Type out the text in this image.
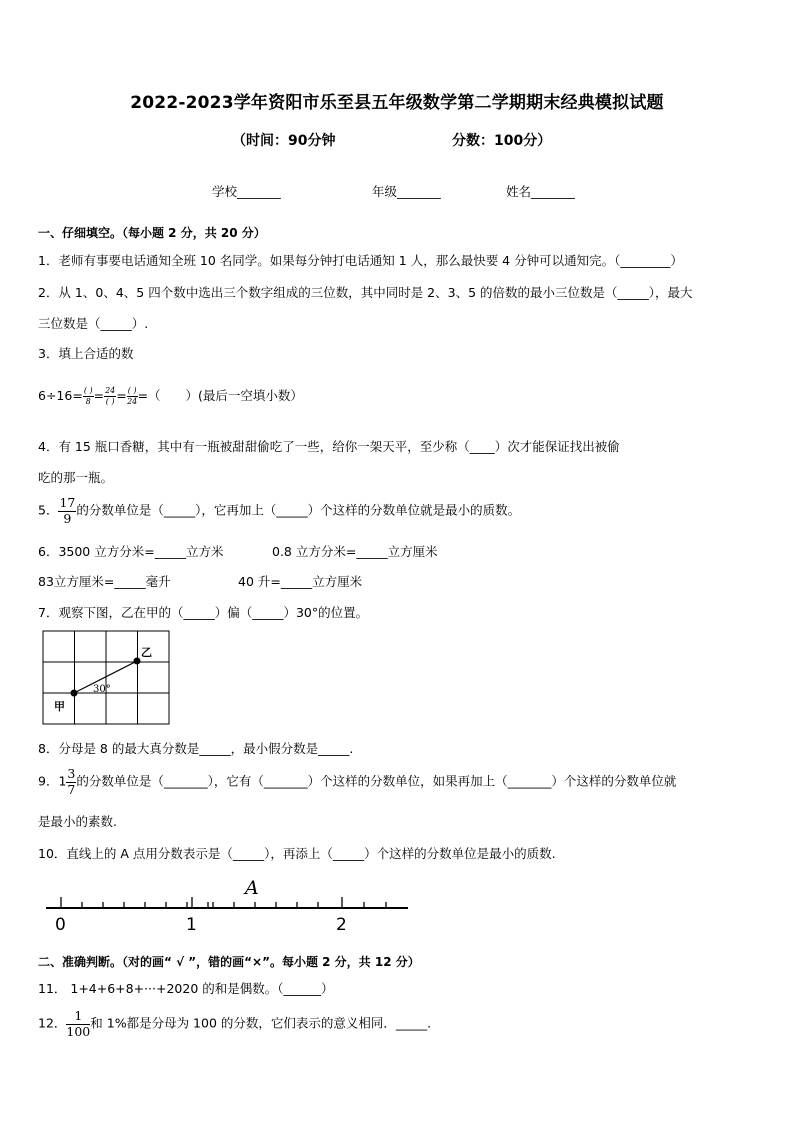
2022-2023学年资阳市乐至县五年级数学第二学期期末经典模拟试题
（时间：90分钟	分数：100分）
学校_______	年级_______	姓名_______
一、仔细填空。（每小题 2 分，共 20 分）
1．老师有事要电话通知全班 10 名同学。如果每分钟打电话通知 1 人，那么最快要 4 分钟可以通知完。（________）
2．从 1、0、4、5 四个数中选出三个数字组成的三位数，其中同时是 2、3、5 的倍数的最小三位数是（_____），最大
三位数是（_____）.
3．填上合适的数
$6\div 16= \frac{( )}{8} = \frac{24}{( )} = \frac{( )}{24}$ =（　　）(最后一空填小数）
4．有 15 瓶口香糖，其中有一瓶被甜甜偷吃了一些，给你一架天平，至少称（____）次才能保证找出被偷
吃的那一瓶。
5． $\frac{17}{9}$ 的分数单位是（_____），它再加上（_____）个这样的分数单位就是最小的质数。
6．3500 立方分米=_____立方米	0.8 立方分米=_____立方厘米
83立方厘米=_____毫升	40 升=_____立方厘米
7．观察下图，乙在甲的（_____）偏（_____）30°的位置。
甲
乙
30°
8．分母是 8 的最大真分数是_____，最小假分数是_____.
9．$1 \frac{3}{7}$ 的分数单位是（_______），它有（_______）个这样的分数单位，如果再加上（_______）个这样的分数单位就
是最小的素数.
10．直线上的 A 点用分数表示是（_____），再添上（_____）个这样的分数单位是最小的质数.
0	1	2
A
二、准确判断。（对的画“ √ ”，错的画“×”。每小题 2 分，共 12 分）
11． 1+4+6+8+···+2020 的和是偶数。（______）
12． $\frac{1}{100}$ 和 1%都是分母为 100 的分数，它们表示的意义相同．_____.
